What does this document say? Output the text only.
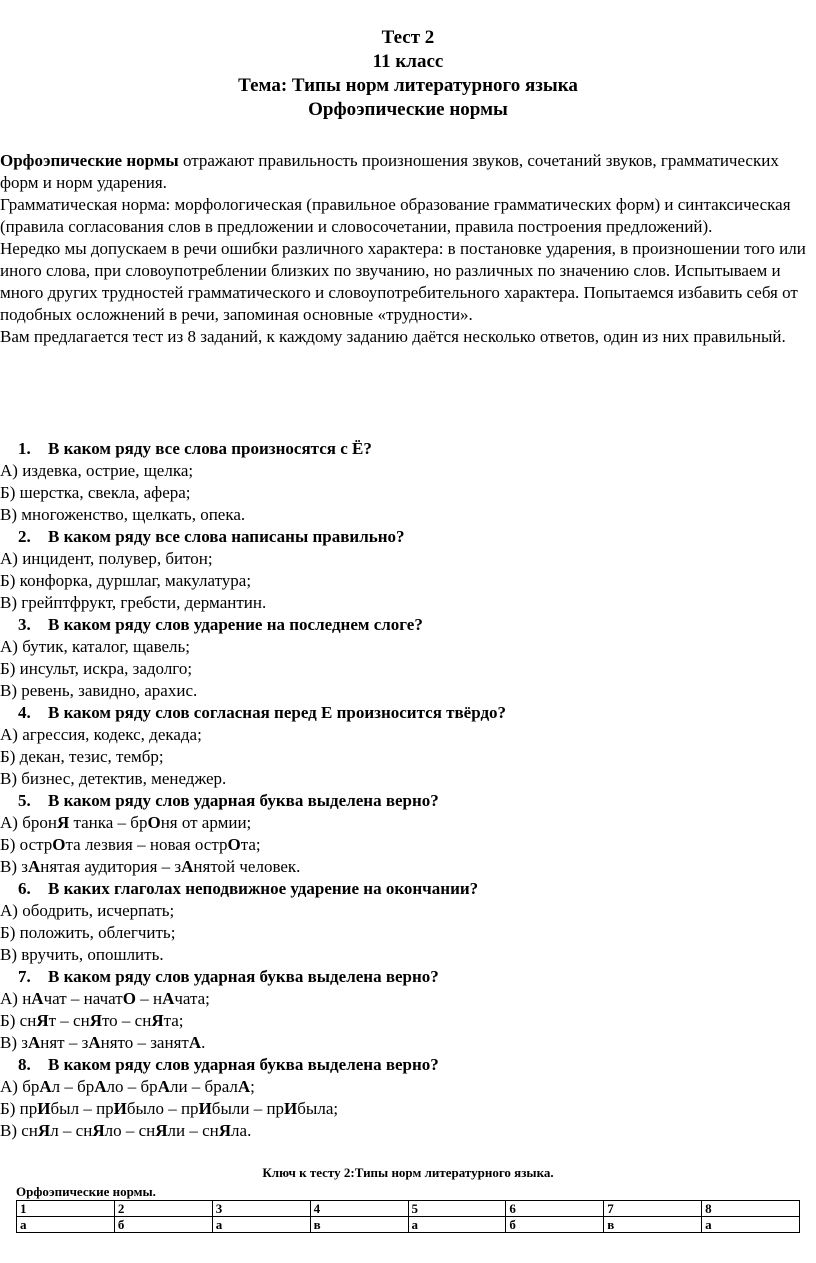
Тест 2
11 класс
Тема: Типы норм литературного языка
Орфоэпические нормы

Орфоэпические нормы отражают правильность произношения звуков, сочетаний звуков, грамматических форм и норм ударения.

Грамматическая норма: морфологическая (правильное образование грамматических форм) и синтаксическая (правила согласования слов в предложении и словосочетании, правила построения предложений).

Нередко мы допускаем в речи ошибки различного характера: в постановке ударения, в произношении того или иного слова, при словоупотреблении близких по звучанию, но различных по значению слов. Испытываем и много других трудностей грамматического и словоупотребительного характера. Попытаемся избавить себя от подобных осложнений в речи, запоминая основные «трудности».

Вам предлагается тест из 8 заданий, к каждому заданию даётся несколько ответов, один из них правильный.

1.	В каком ряду все слова произносятся с Ё?
А) издевка, острие, щелка;
Б) шерстка, свекла, афера;
В) многоженство, щелкать, опека.
2.	В каком ряду все слова написаны правильно?
А) инцидент, полувер, битон;
Б) конфорка, дуршлаг, макулатура;
В) грейптфрукт, гребсти, дермантин.
3.	В каком ряду слов ударение на последнем слоге?
А) бутик, каталог, щавель;
Б) инсульт, искра, задолго;
В) ревень, завидно, арахис.
4.	В каком ряду слов согласная перед Е произносится твёрдо?
А) агрессия, кодекс, декада;
Б) декан, тезис, тембр;
В) бизнес, детектив, менеджер.
5.	В каком ряду слов ударная буква выделена верно?
А) бронЯ танка – брОня от армии;
Б) острОта лезвия – новая острОта;
В) зАнятая аудитория – зАнятой человек.
6.	В каких глаголах неподвижное ударение на окончании?
А) ободрить, исчерпать;
Б) положить, облегчить;
В) вручить, опошлить.
7.	В каком ряду слов ударная буква выделена верно?
А) нАчат – начатО – нАчата;
Б) снЯт – снЯто – снЯта;
В) зАнят – зАнято – занятА.
8.	В каком ряду слов ударная буква выделена верно?
А) брАл – брАло – брАли – бралА;
Б) прИбыл – прИбыло – прИбыли – прИбыла;
В) снЯл – снЯло – снЯли – снЯла.
Ключ к тесту 2:Типы норм литературного языка.
Орфоэпические нормы.
1	2	3	4	5	6	7	8
а	б	а	в	а	б	в	а
